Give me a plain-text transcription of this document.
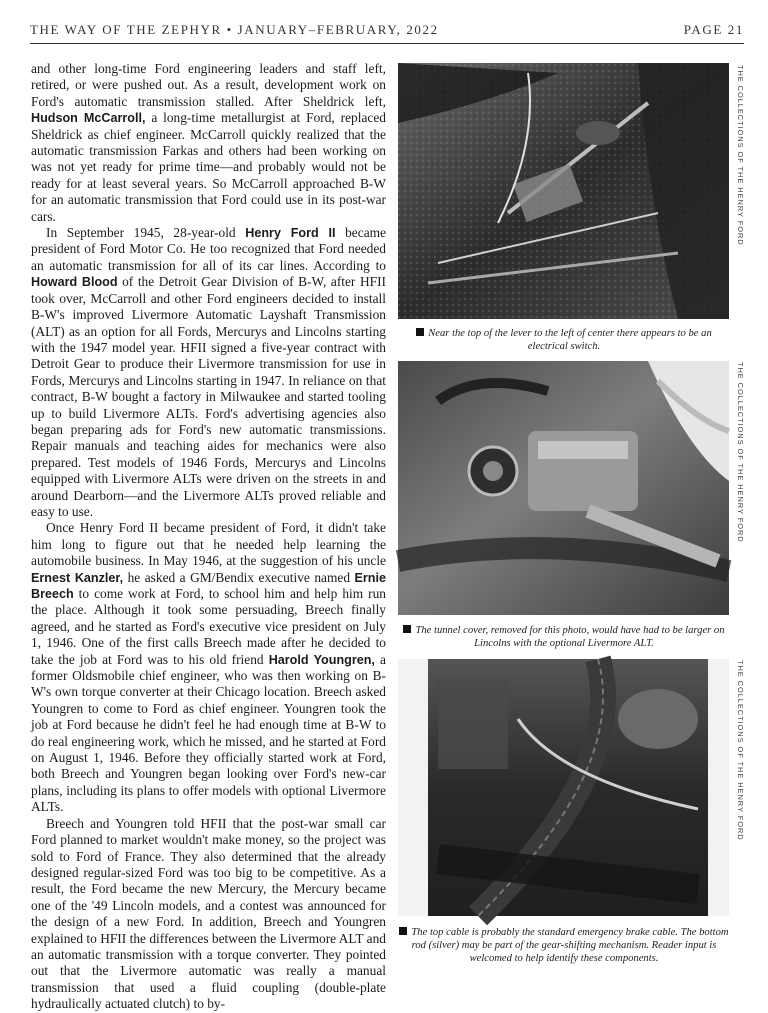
THE WAY OF THE ZEPHYR • JANUARY–FEBRUARY, 2022	PAGE 21

and other long-time Ford engineering leaders and staff left, retired, or were pushed out. As a result, development work on Ford's automatic transmission stalled. After Sheldrick left, Hudson McCarroll, a long-time metallurgist at Ford, replaced Sheldrick as chief engineer. McCarroll quickly realized that the automatic transmission Farkas and others had been working on was not yet ready for prime time—and probably would not be ready for at least several years. So McCarroll approached B-W for an automatic transmission that Ford could use in its post-war cars.

In September 1945, 28-year-old Henry Ford II became president of Ford Motor Co. He too recognized that Ford needed an automatic transmission for all of its car lines. According to Howard Blood of the Detroit Gear Division of B-W, after HFII took over, McCarroll and other Ford engineers decided to install B-W's improved Livermore Automatic Layshaft Transmission (ALT) as an option for all Fords, Mercurys and Lincolns starting with the 1947 model year. HFII signed a five-year contract with Detroit Gear to produce their Livermore transmission for use in Fords, Mercurys and Lincolns starting in 1947. In reliance on that contract, B-W bought a factory in Milwaukee and started tooling up to build Livermore ALTs. Ford's advertising agencies also began preparing ads for Ford's new automatic transmissions. Repair manuals and teaching aides for mechanics were also prepared. Test models of 1946 Fords, Mercurys and Lincolns equipped with Livermore ALTs were driven on the streets in and around Dearborn—and the Livermore ALTs proved reliable and easy to use.

Once Henry Ford II became president of Ford, it didn't take him long to figure out that he needed help learning the automobile business. In May 1946, at the suggestion of his uncle Ernest Kanzler, he asked a GM/Bendix executive named Ernie Breech to come work at Ford, to school him and help him run the place. Although it took some persuading, Breech finally agreed, and he started as Ford's executive vice president on July 1, 1946. One of the first calls Breech made after he decided to take the job at Ford was to his old friend Harold Youngren, a former Oldsmobile chief engineer, who was then working on B-W's own torque converter at their Chicago location. Breech asked Youngren to come to Ford as chief engineer. Youngren took the job at Ford because he didn't feel he had enough time at B-W to do real engineering work, which he missed, and he started at Ford on August 1, 1946. Before they officially started work at Ford, both Breech and Youngren began looking over Ford's new-car plans, including its plans to offer models with optional Livermore ALTs.

Breech and Youngren told HFII that the post-war small car Ford planned to market wouldn't make money, so the project was sold to Ford of France. They also determined that the already designed regular-sized Ford was too big to be competitive. As a result, the Ford became the new Mercury, the Mercury became one of the '49 Lincoln models, and a contest was announced for the design of a new Ford. In addition, Breech and Youngren explained to HFII the differences between the Livermore ALT and an automatic transmission with a torque converter. They pointed out that the Livermore automatic was really a manual transmission that used a fluid coupling (double-plate hydraulically actuated clutch) to by-

Near the top of the lever to the left of center there appears to be an electrical switch.
THE COLLECTIONS OF THE HENRY FORD
The tunnel cover, removed for this photo, would have had to be larger on Lincolns with the optional Livermore ALT.
THE COLLECTIONS OF THE HENRY FORD
The top cable is probably the standard emergency brake cable. The bottom rod (silver) may be part of the gear-shifting mechanism. Reader input is welcomed to help identify these components.
THE COLLECTIONS OF THE HENRY FORD
